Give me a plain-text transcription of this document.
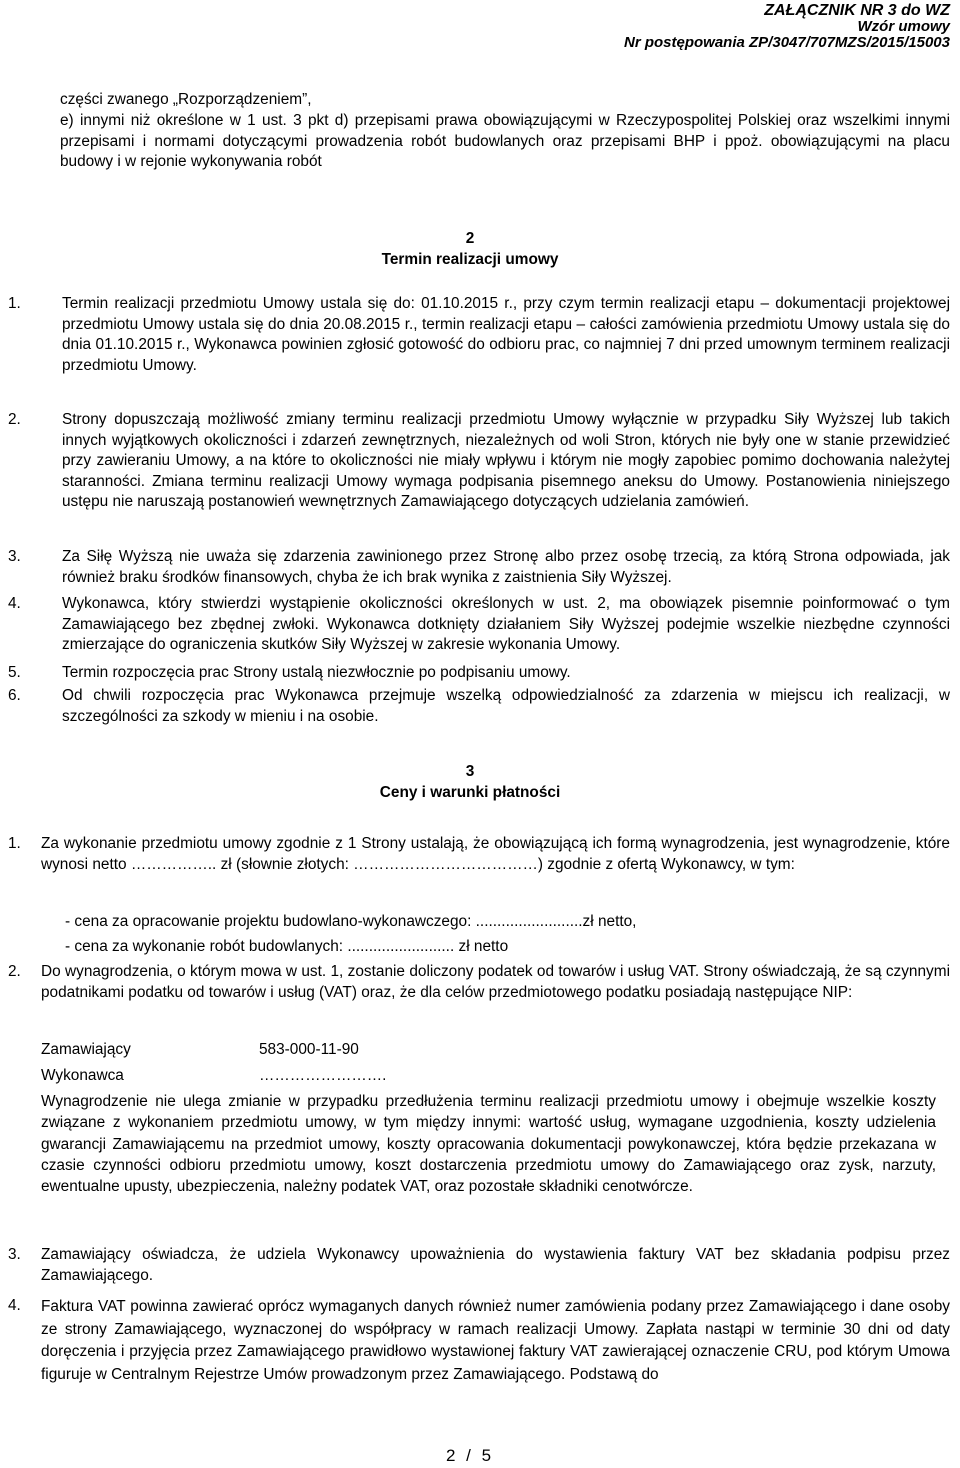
ZAŁĄCZNIK NR 3 do WZ
Wzór umowy
Nr postępowania ZP/3047/707MZS/2015/15003
części zwanego „Rozporządzeniem”,
e) innymi niż określone w 1 ust. 3 pkt d) przepisami prawa obowiązującymi w Rzeczypospolitej Polskiej oraz wszelkimi innymi przepisami i normami dotyczącymi prowadzenia robót budowlanych oraz przepisami BHP i ppoż. obowiązującymi na placu budowy i w rejonie wykonywania robót
2
Termin realizacji umowy
1.	Termin realizacji przedmiotu Umowy ustala się do: 01.10.2015 r., przy czym termin realizacji etapu – dokumentacji projektowej przedmiotu Umowy ustala się do dnia 20.08.2015 r., termin realizacji etapu – całości zamówienia przedmiotu Umowy ustala się do dnia 01.10.2015 r., Wykonawca powinien zgłosić gotowość do odbioru prac, co najmniej 7 dni przed umownym terminem realizacji przedmiotu Umowy.
2.	Strony dopuszczają możliwość zmiany terminu realizacji przedmiotu Umowy wyłącznie w przypadku Siły Wyższej lub takich innych wyjątkowych okoliczności i zdarzeń zewnętrznych, niezależnych od woli Stron, których nie były one w stanie przewidzieć przy zawieraniu Umowy, a na które to okoliczności nie miały wpływu i którym nie mogły zapobiec pomimo dochowania należytej staranności. Zmiana terminu realizacji Umowy wymaga podpisania pisemnego aneksu do Umowy. Postanowienia niniejszego ustępu nie naruszają postanowień wewnętrznych Zamawiającego dotyczących udzielania zamówień.
3.	Za Siłę Wyższą nie uważa się zdarzenia zawinionego przez Stronę albo przez osobę trzecią, za którą Strona odpowiada, jak również braku środków finansowych, chyba że ich brak wynika z zaistnienia Siły Wyższej.
4.	Wykonawca, który stwierdzi wystąpienie okoliczności określonych w ust. 2, ma obowiązek pisemnie poinformować o tym Zamawiającego bez zbędnej zwłoki. Wykonawca dotknięty działaniem Siły Wyższej podejmie wszelkie niezbędne czynności zmierzające do ograniczenia skutków Siły Wyższej w zakresie wykonania Umowy.
5.	Termin rozpoczęcia prac Strony ustalą niezwłocznie po podpisaniu umowy.
6.	Od chwili rozpoczęcia prac Wykonawca przejmuje wszelką odpowiedzialność za zdarzenia w miejscu ich realizacji, w szczególności za szkody w mieniu i na osobie.
3
Ceny i warunki płatności
1. Za wykonanie przedmiotu umowy zgodnie z 1 Strony ustalają, że obowiązującą ich formą wynagrodzenia, jest wynagrodzenie, które wynosi netto …………….. zł (słownie złotych: ………………………………) zgodnie z ofertą Wykonawcy, w tym:
- cena za opracowanie projektu budowlano-wykonawczego: .........................zł netto,
- cena za wykonanie robót budowlanych: ......................... zł netto
2. Do wynagrodzenia, o którym mowa w ust. 1, zostanie doliczony podatek od towarów i usług VAT. Strony oświadczają, że są czynnymi podatnikami podatku od towarów i usług (VAT) oraz, że dla celów przedmiotowego podatku posiadają następujące NIP:
Zamawiający	583-000-11-90
Wykonawca	…………………….
Wynagrodzenie nie ulega zmianie w przypadku przedłużenia terminu realizacji przedmiotu umowy i obejmuje wszelkie koszty związane z wykonaniem przedmiotu umowy, w tym między innymi: wartość usług, wymagane uzgodnienia, koszty udzielenia gwarancji Zamawiającemu na przedmiot umowy, koszty opracowania dokumentacji powykonawczej, która będzie przekazana w czasie czynności odbioru przedmiotu umowy, koszt dostarczenia przedmiotu umowy do Zamawiającego oraz zysk, narzuty, ewentualne upusty, ubezpieczenia, należny podatek VAT, oraz pozostałe składniki cenotwórcze.
3. Zamawiający oświadcza, że udziela Wykonawcy upoważnienia do wystawienia faktury VAT bez składania podpisu przez Zamawiającego.
4. Faktura VAT powinna zawierać oprócz wymaganych danych również numer zamówienia podany przez Zamawiającego i dane osoby ze strony Zamawiającego, wyznaczonej do współpracy w ramach realizacji Umowy. Zapłata nastąpi w terminie 30 dni od daty doręczenia i przyjęcia przez Zamawiającego prawidłowo wystawionej faktury VAT zawierającej oznaczenie CRU, pod którym Umowa figuruje w Centralnym Rejestrze Umów prowadzonym przez Zamawiającego. Podstawą do
2 / 5
